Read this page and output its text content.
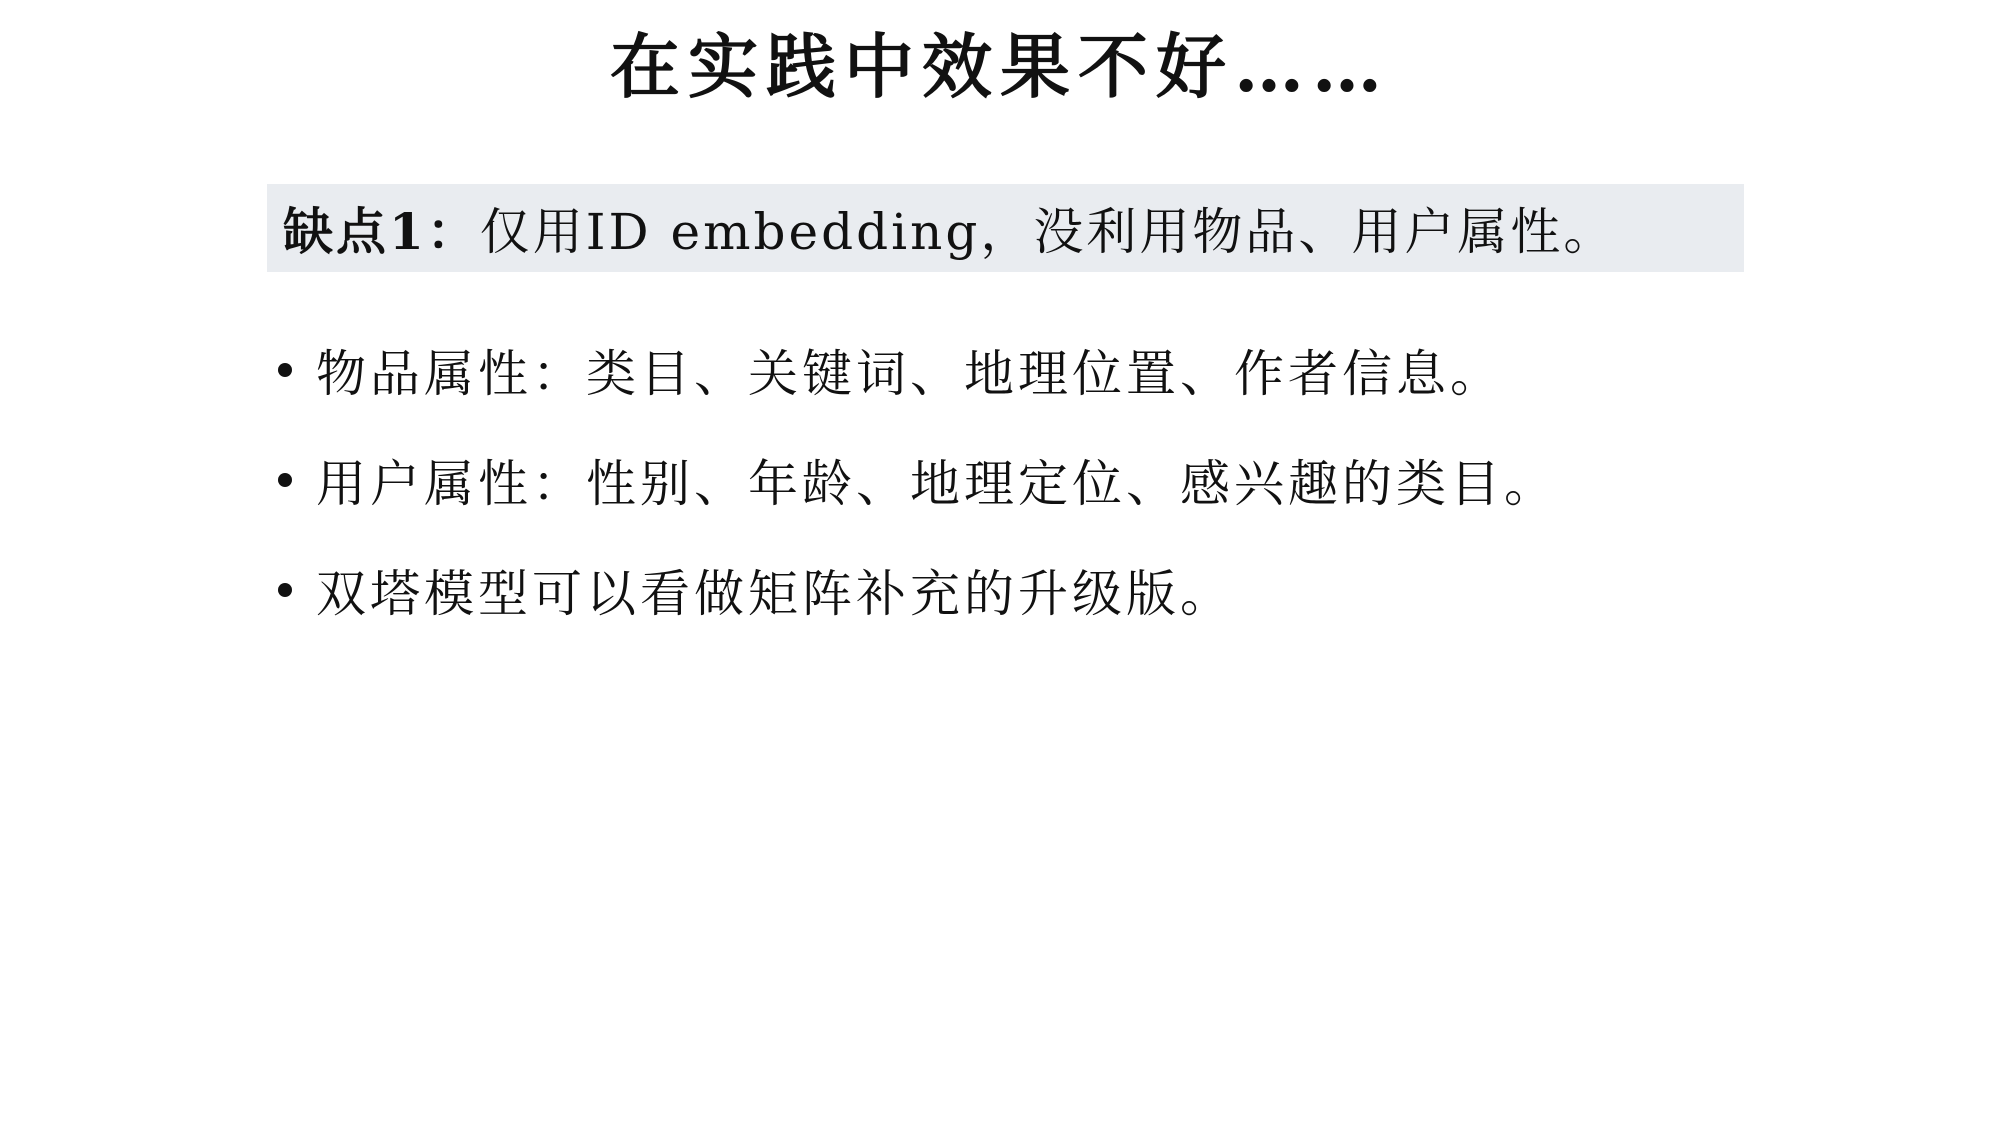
在实践中效果不好……
缺点1： 仅用ID embedding，没利用物品、用户属性。
物品属性：类目、关键词、地理位置、作者信息。
用户属性：性别、年龄、地理定位、感兴趣的类目。
双塔模型可以看做矩阵补充的升级版。
